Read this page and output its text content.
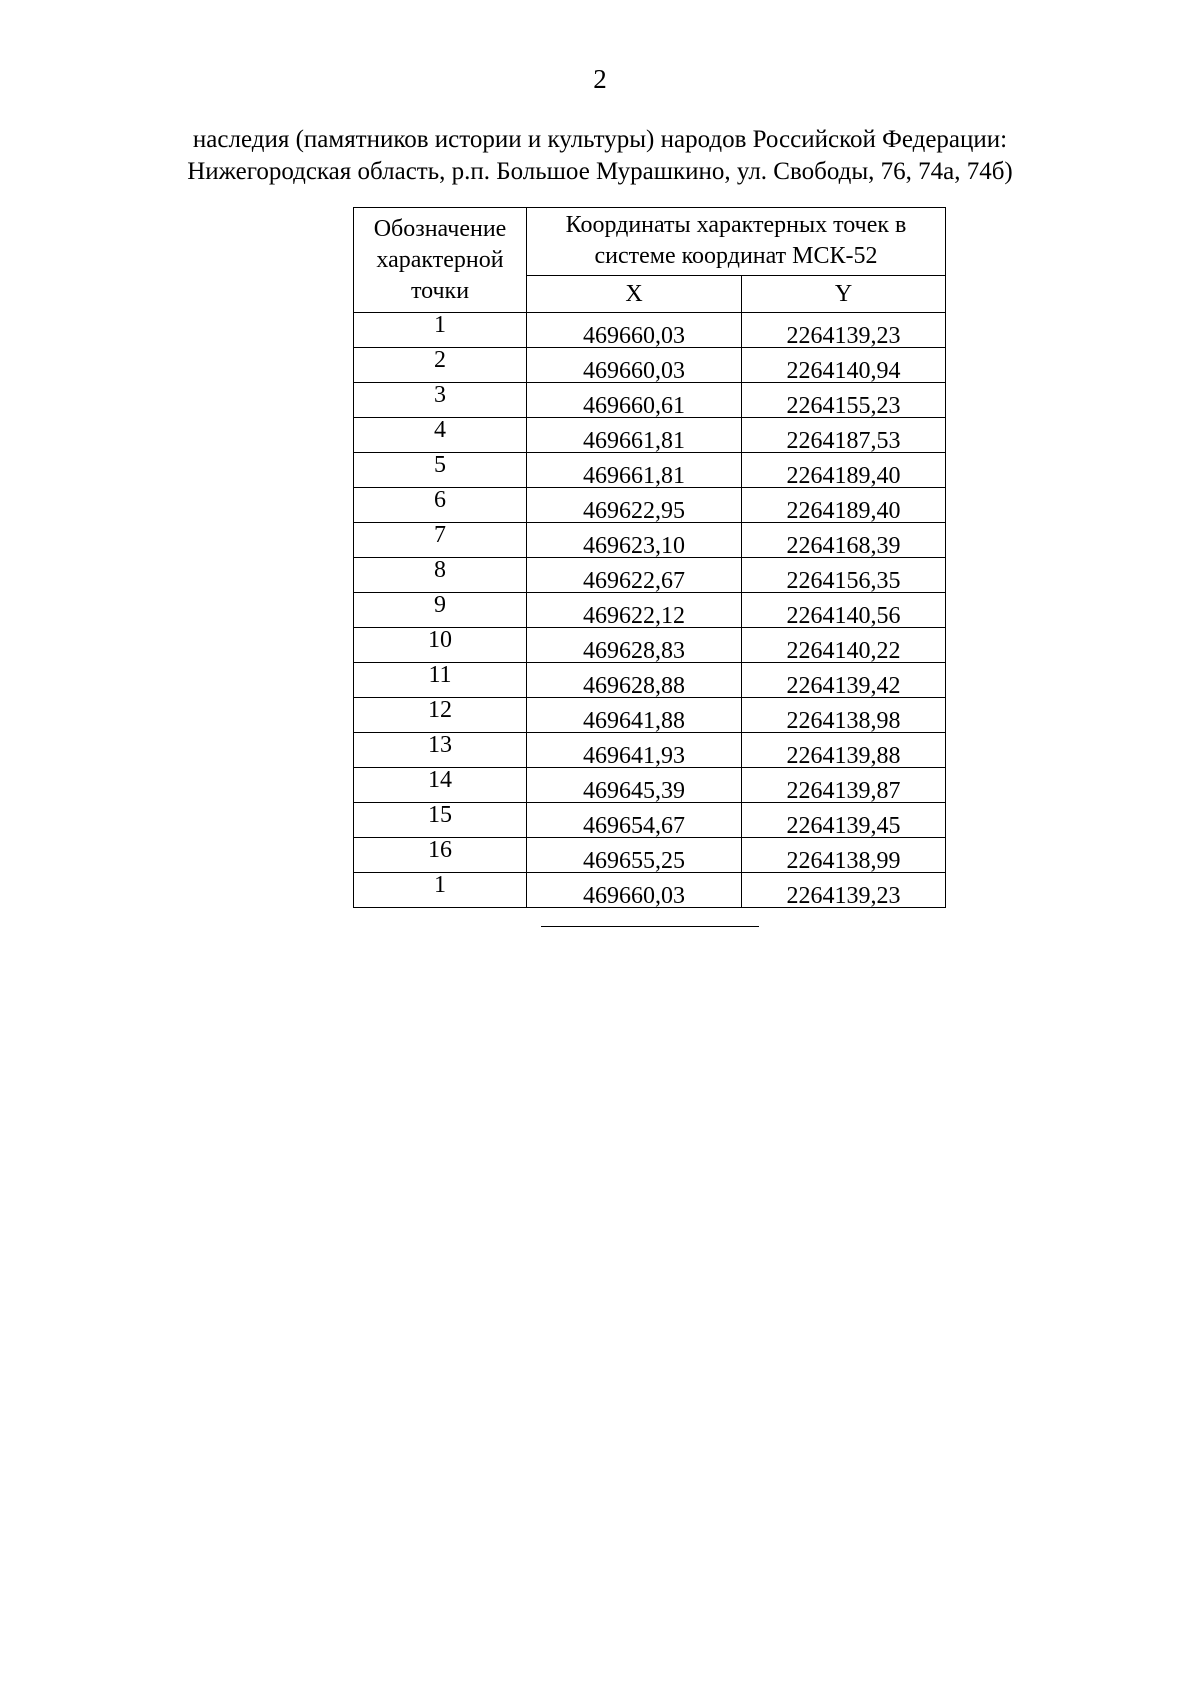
2
наследия (памятников истории и культуры) народов Российской Федерации:
Нижегородская область, р.п. Большое Мурашкино, ул. Свободы, 76, 74а, 74б)
Обозначение
характерной
точки	Координаты характерных точек в
системе координат МСК-52	
	X	Y
1	469660,03	2264139,23
2	469660,03	2264140,94
3	469660,61	2264155,23
4	469661,81	2264187,53
5	469661,81	2264189,40
6	469622,95	2264189,40
7	469623,10	2264168,39
8	469622,67	2264156,35
9	469622,12	2264140,56
10	469628,83	2264140,22
11	469628,88	2264139,42
12	469641,88	2264138,98
13	469641,93	2264139,88
14	469645,39	2264139,87
15	469654,67	2264139,45
16	469655,25	2264138,99
1	469660,03	2264139,23
